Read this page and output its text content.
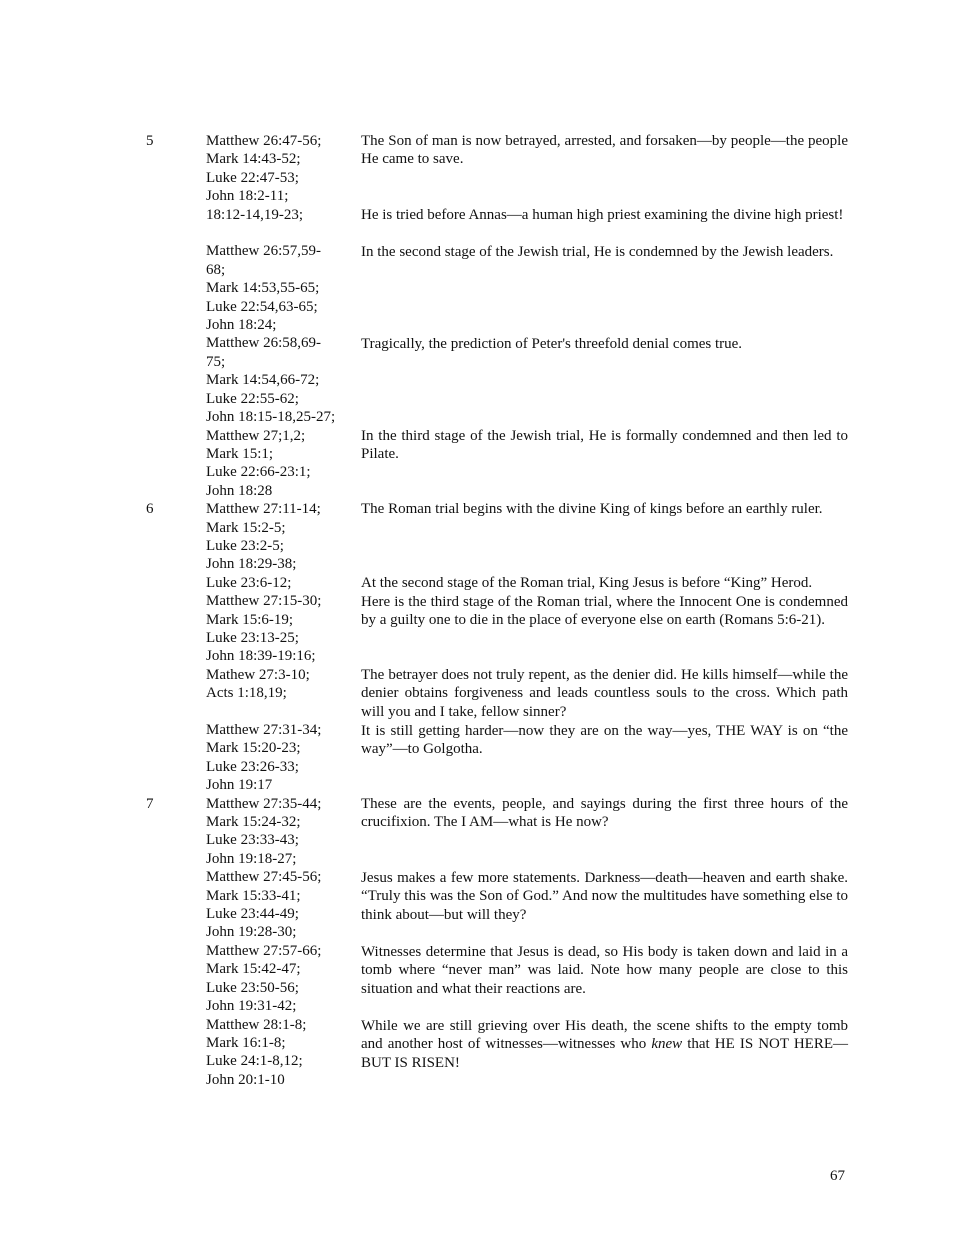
5
6
7
Matthew 26:47-56;
Mark 14:43-52;
Luke 22:47-53;
John 18:2-11;
18:12-14,19-23;

Matthew 26:57,59-
68;
Mark 14:53,55-65;
Luke 22:54,63-65;
John 18:24;
Matthew 26:58,69-
75;
Mark 14:54,66-72;
Luke 22:55-62;
John 18:15-18,25-27;
Matthew 27;1,2;
Mark 15:1;
Luke 22:66-23:1;
John 18:28
Matthew 27:11-14;
Mark 15:2-5;
Luke 23:2-5;
John 18:29-38;
Luke 23:6-12;
Matthew 27:15-30;
Mark 15:6-19;
Luke 23:13-25;
John 18:39-19:16;
Mathew 27:3-10;
Acts 1:18,19;

Matthew 27:31-34;
Mark 15:20-23;
Luke 23:26-33;
John 19:17
Matthew 27:35-44;
Mark 15:24-32;
Luke 23:33-43;
John 19:18-27;
Matthew 27:45-56;
Mark 15:33-41;
Luke 23:44-49;
John 19:28-30;
Matthew 27:57-66;
Mark 15:42-47;
Luke 23:50-56;
John 19:31-42;
Matthew 28:1-8;
Mark 16:1-8;
Luke 24:1-8,12;
John 20:1-10

The Son of man is now betrayed, arrested, and forsaken—by people—the people He came to save.

He is tried before Annas—a human high priest examining the divine high priest!

In the second stage of the Jewish trial, He is condemned by the Jewish leaders.

Tragically, the prediction of Peter's threefold denial comes true.

In the third stage of the Jewish trial, He is formally condemned and then led to Pilate.

The Roman trial begins with the divine King of kings before an earthly ruler.

At the second stage of the Roman trial, King Jesus is before “King” Herod.

Here is the third stage of the Roman trial, where the Innocent One is condemned by a guilty one to die in the place of everyone else on earth (Romans 5:6-21).

The betrayer does not truly repent, as the denier did. He kills himself—while the denier obtains forgiveness and leads countless souls to the cross. Which path will you and I take, fellow sinner?

It is still getting harder—now they are on the way—yes, THE WAY is on “the way”—to Golgotha.

These are the events, people, and sayings during the first three hours of the crucifixion. The I AM—what is He now?

Jesus makes a few more statements. Darkness—death—heaven and earth shake. “Truly this was the Son of God.” And now the multitudes have something else to think about—but will they?

Witnesses determine that Jesus is dead, so His body is taken down and laid in a tomb where “never man” was laid. Note how many people are close to this situation and what their reactions are.

While we are still grieving over His death, the scene shifts to the empty tomb and another host of witnesses—witnesses who knew that HE IS NOT HERE—BUT IS RISEN!

67
